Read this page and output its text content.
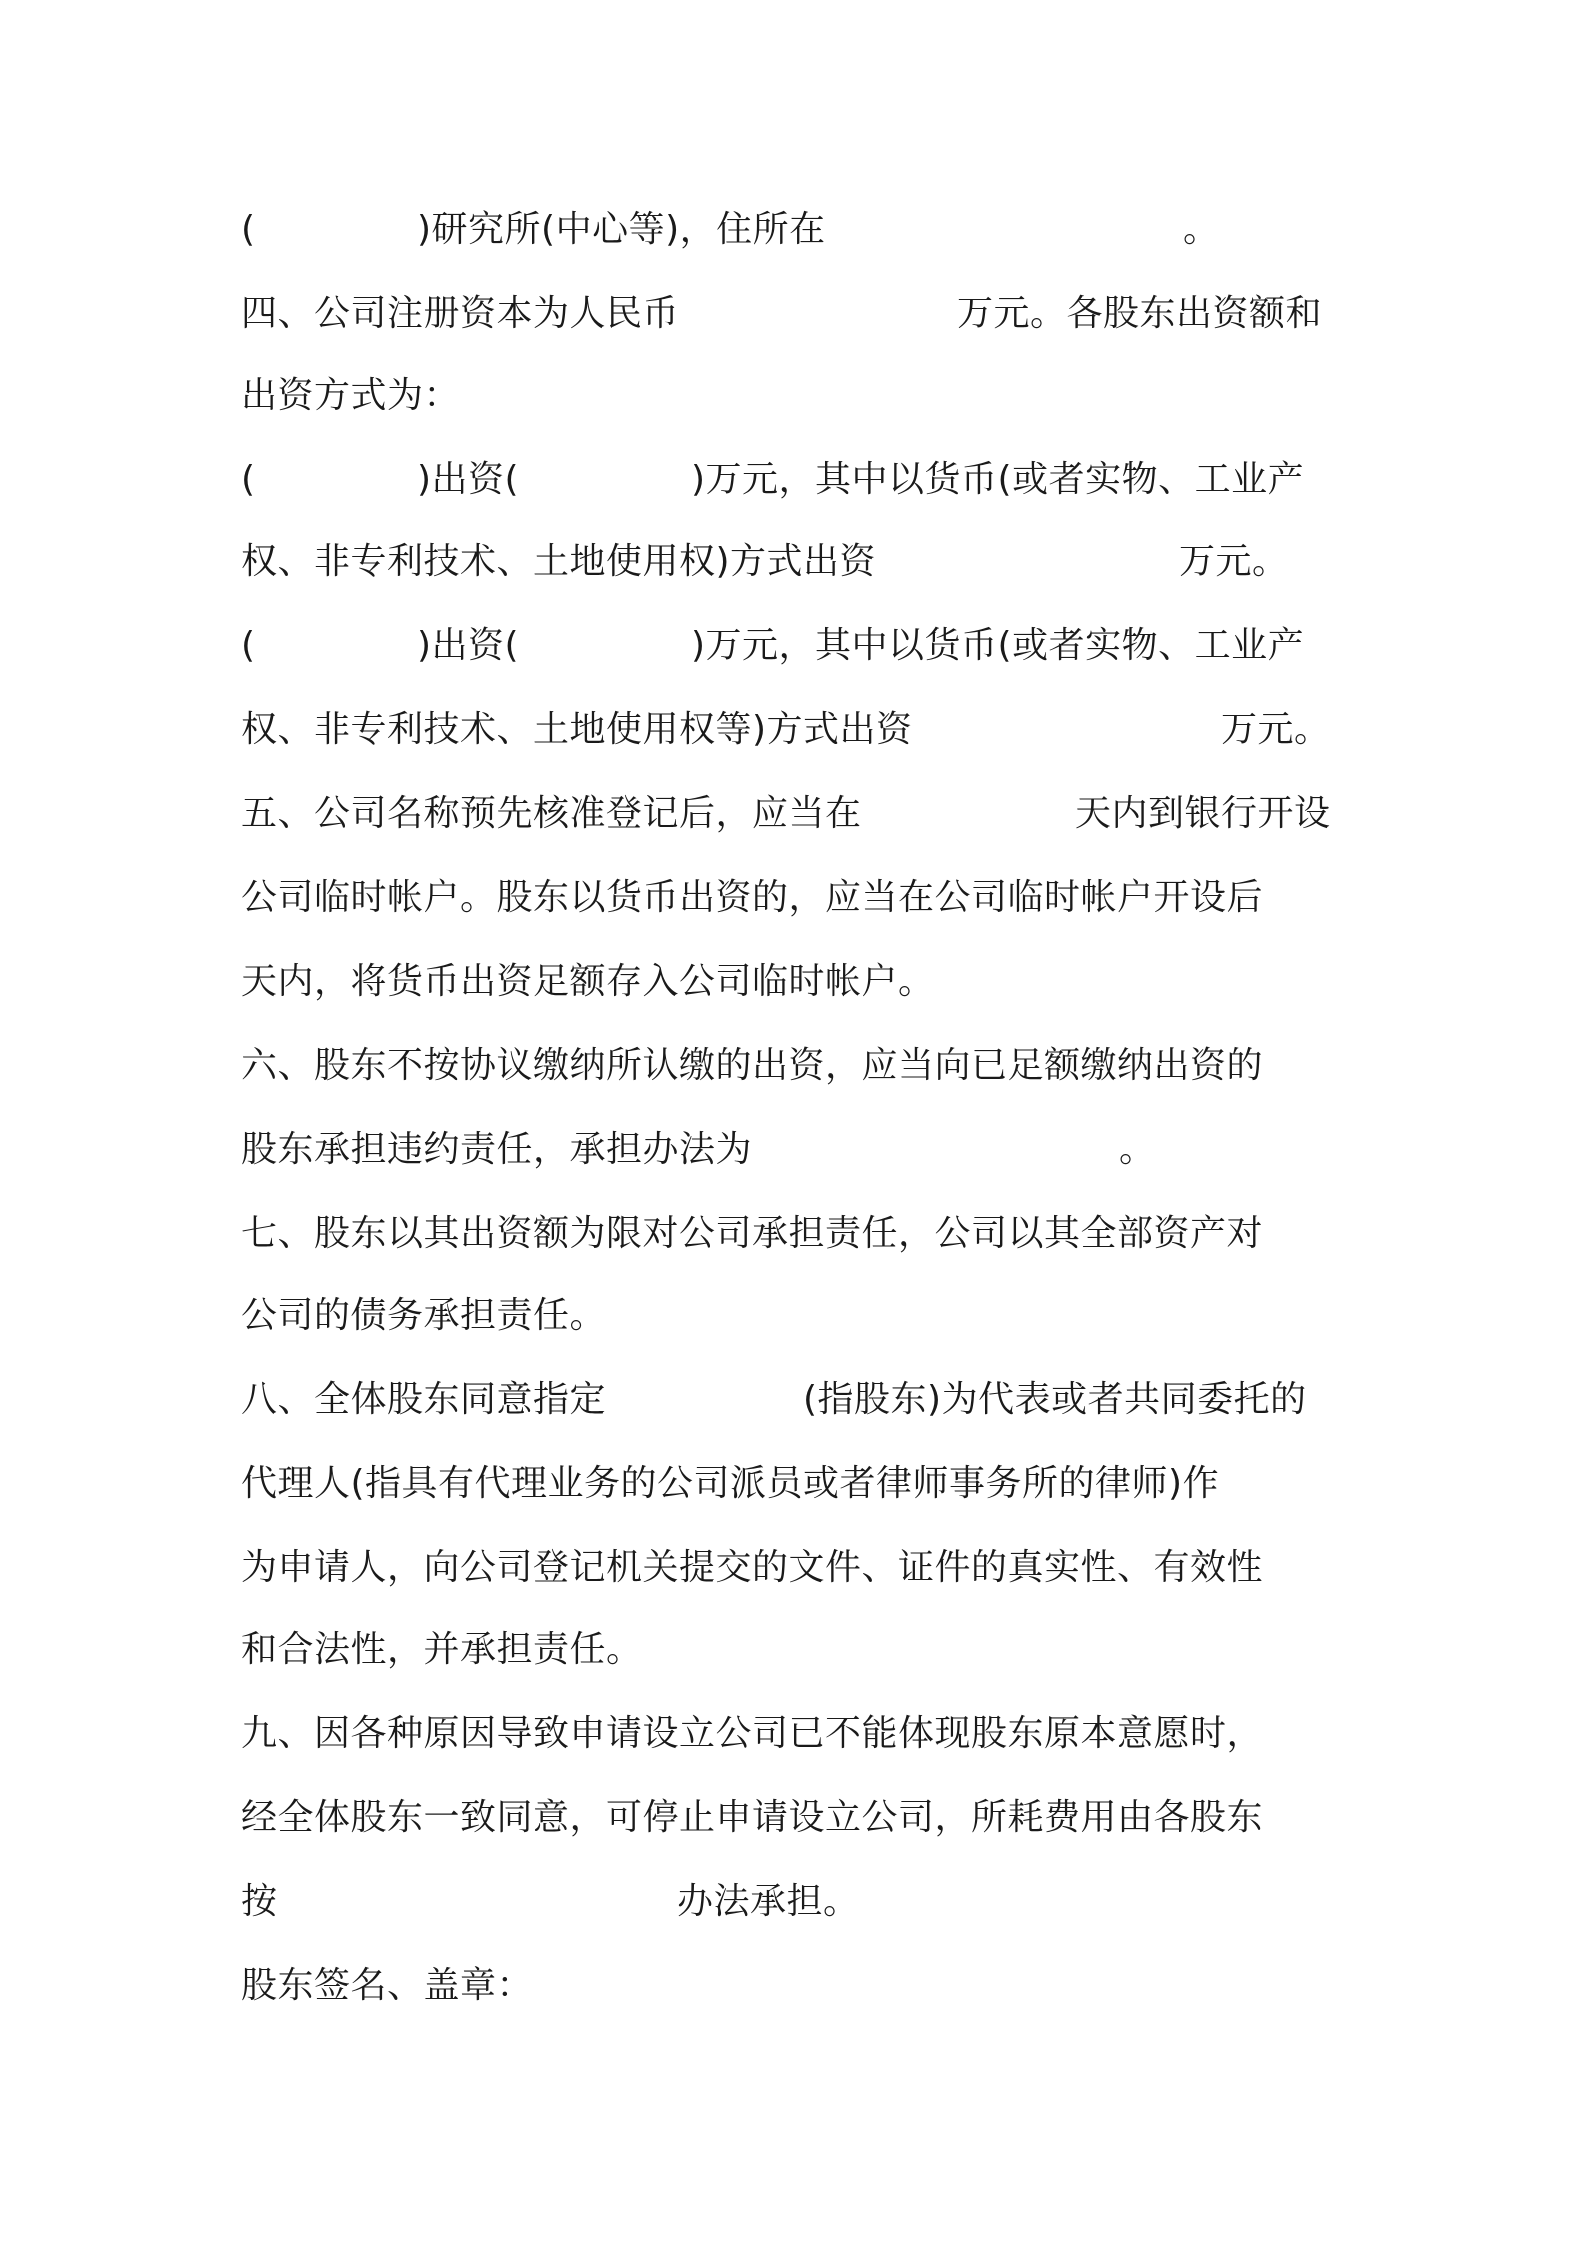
(

	)研究所(中心等)，住所在

	。

四、公司注册资本为人民币

	万元。各股东出资额和

出资方式为：

(

	)出资(

	)万元，其中以货币(或者实物、工业产

权、非专利技术、土地使用权)方式出资

	万元。

(

	)出资(

	)万元，其中以货币(或者实物、工业产

权、非专利技术、土地使用权等)方式出资

	万元。

五、公司名称预先核准登记后，应当在

	天内到银行开设

公司临时帐户。股东以货币出资的，应当在公司临时帐户开设后

天内，将货币出资足额存入公司临时帐户。

六、股东不按协议缴纳所认缴的出资，应当向已足额缴纳出资的

股东承担违约责任，承担办法为

	。

七、股东以其出资额为限对公司承担责任，公司以其全部资产对

公司的债务承担责任。

八、全体股东同意指定

	(指股东)为代表或者共同委托的

代理人(指具有代理业务的公司派员或者律师事务所的律师)作

为申请人，向公司登记机关提交的文件、证件的真实性、有效性

和合法性，并承担责任。

九、因各种原因导致申请设立公司已不能体现股东原本意愿时，

经全体股东一致同意，可停止申请设立公司，所耗费用由各股东

按

	办法承担。

股东签名、盖章：
